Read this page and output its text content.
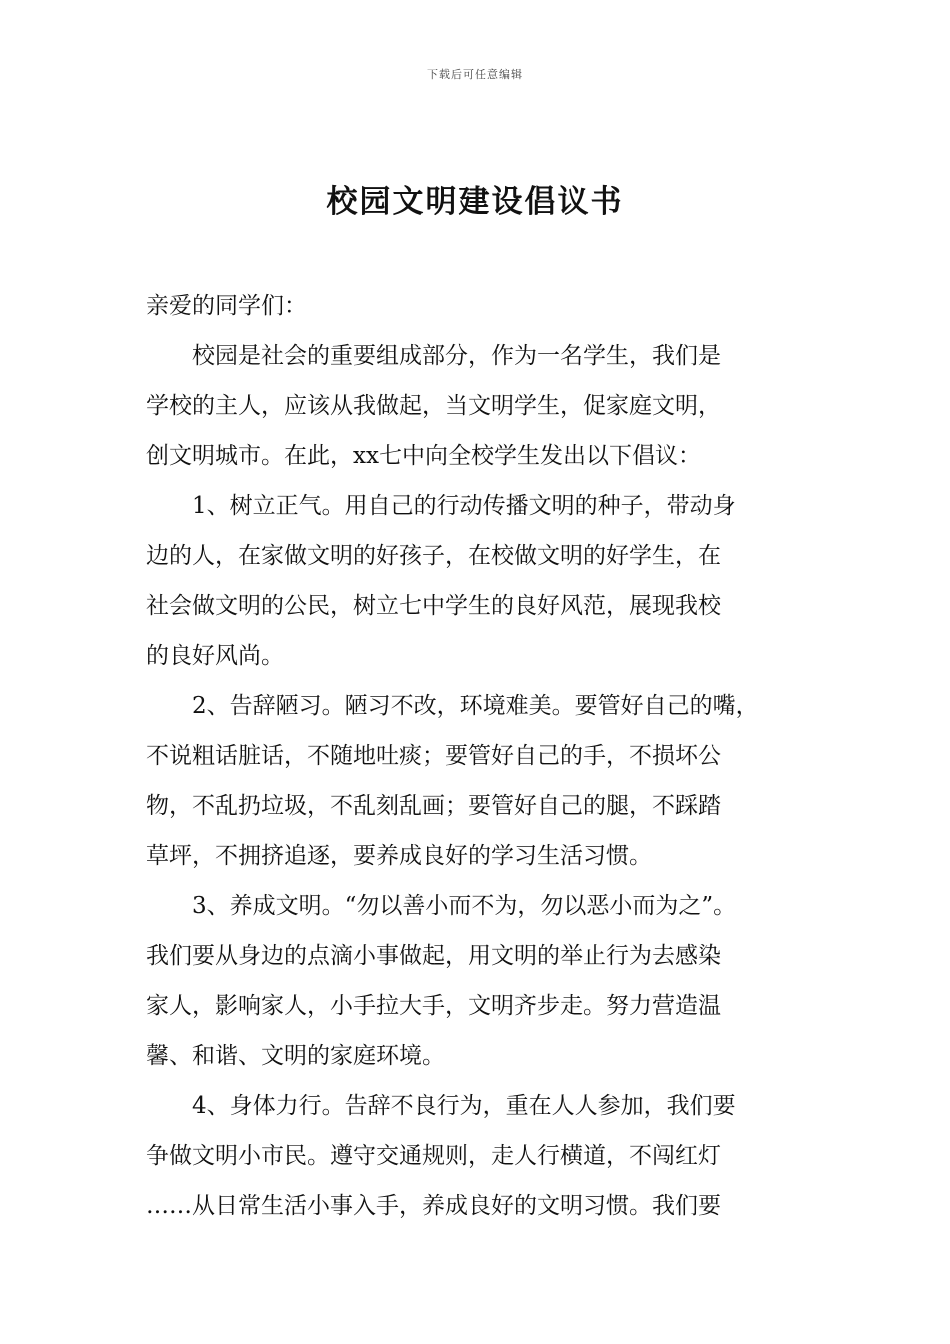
下载后可任意编辑
校园文明建设倡议书
亲爱的同学们：
校园是社会的重要组成部分，作为一名学生，我们是
学校的主人，应该从我做起，当文明学生，促家庭文明，
创文明城市。在此，xx七中向全校学生发出以下倡议：
1、树立正气。用自己的行动传播文明的种子，带动身
边的人，在家做文明的好孩子，在校做文明的好学生，在
社会做文明的公民，树立七中学生的良好风范，展现我校
的良好风尚。
2、告辞陋习。陋习不改，环境难美。要管好自己的嘴，
不说粗话脏话，不随地吐痰；要管好自己的手，不损坏公
物，不乱扔垃圾，不乱刻乱画；要管好自己的腿，不踩踏
草坪，不拥挤追逐，要养成良好的学习生活习惯。
3、养成文明。“勿以善小而不为，勿以恶小而为之”。
我们要从身边的点滴小事做起，用文明的举止行为去感染
家人，影响家人，小手拉大手，文明齐步走。努力营造温
馨、和谐、文明的家庭环境。
4、身体力行。告辞不良行为，重在人人参加，我们要
争做文明小市民。遵守交通规则，走人行横道，不闯红灯
……从日常生活小事入手，养成良好的文明习惯。我们要
